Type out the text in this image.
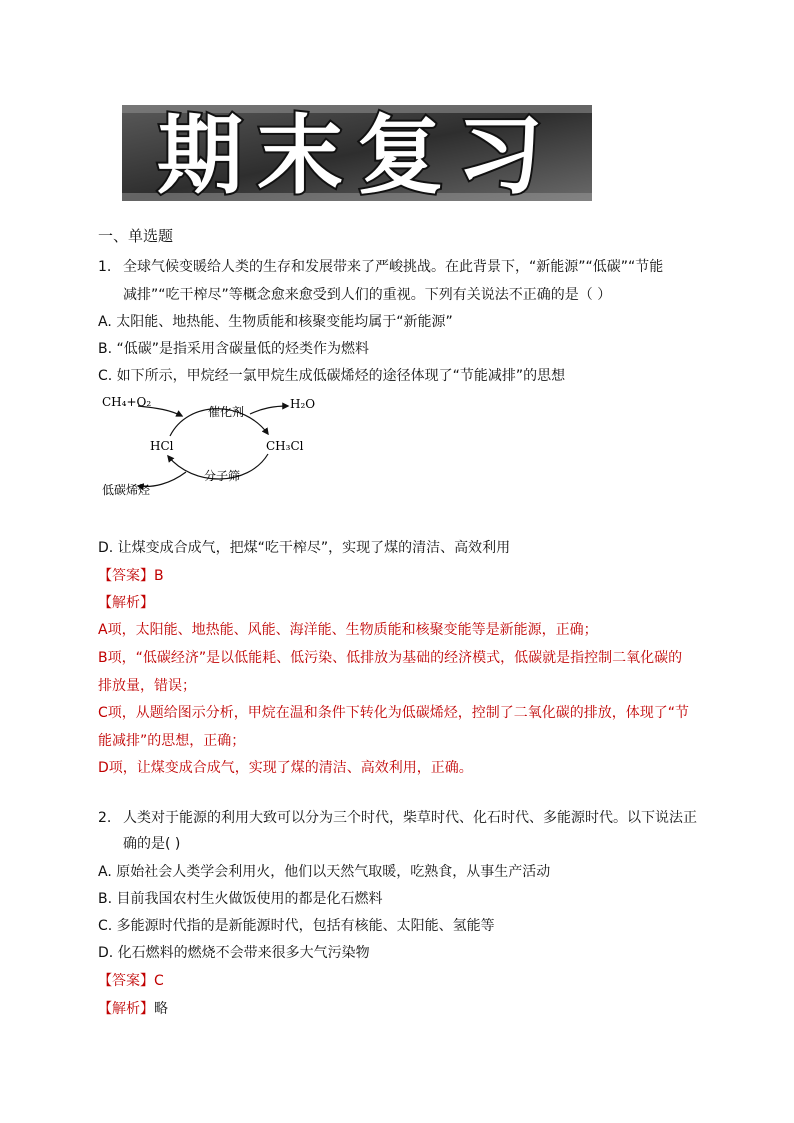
期末复习
一、单选题
1. 全球气候变暖给人类的生存和发展带来了严峻挑战。在此背景下，“新能源”“低碳”“节能
减排”“吃干榨尽”等概念愈来愈受到人们的重视。下列有关说法不正确的是（ ）
A. 太阳能、地热能、生物质能和核聚变能均属于“新能源”
B. “低碳”是指采用含碳量低的烃类作为燃料
C. 如下所示，甲烷经一氯甲烷生成低碳烯烃的途径体现了“节能减排”的思想
CH₄+O₂
催化剂
H₂O
HCl	CH₃Cl
分子筛
低碳烯烃
D. 让煤变成合成气，把煤“吃干榨尽”，实现了煤的清洁、高效利用
【答案】B
【解析】
A项，太阳能、地热能、风能、海洋能、生物质能和核聚变能等是新能源，正确；
B项，“低碳经济”是以低能耗、低污染、低排放为基础的经济模式，低碳就是指控制二氧化碳的
排放量，错误；
C项，从题给图示分析，甲烷在温和条件下转化为低碳烯烃，控制了二氧化碳的排放，体现了“节
能减排”的思想，正确；
D项，让煤变成合成气，实现了煤的清洁、高效利用，正确。
2. 人类对于能源的利用大致可以分为三个时代，柴草时代、化石时代、多能源时代。以下说法正
确的是( )
A. 原始社会人类学会利用火，他们以天然气取暖，吃熟食，从事生产活动
B. 目前我国农村生火做饭使用的都是化石燃料
C. 多能源时代指的是新能源时代，包括有核能、太阳能、氢能等
D. 化石燃料的燃烧不会带来很多大气污染物
【答案】C
【解析】略
